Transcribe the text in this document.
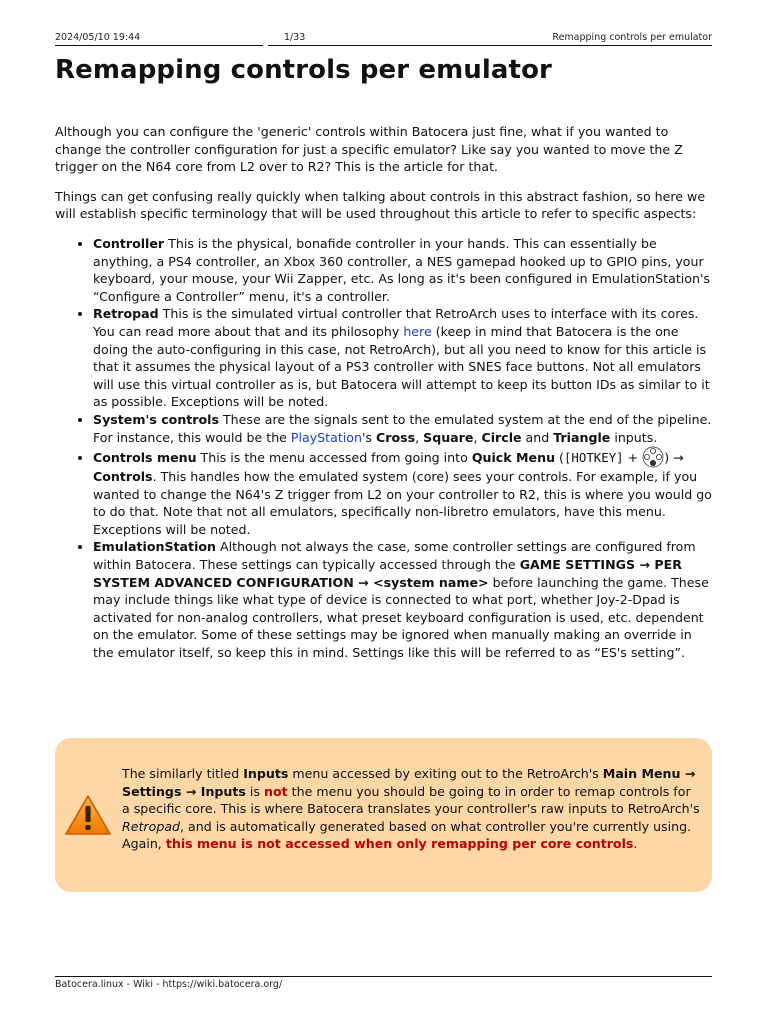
2024/05/10 19:44	1/33	Remapping controls per emulator
Remapping controls per emulator

Although you can configure the 'generic' controls within Batocera just fine, what if you wanted to change the controller configuration for just a specific emulator? Like say you wanted to move the Z trigger on the N64 core from L2 over to R2? This is the article for that.

Things can get confusing really quickly when talking about controls in this abstract fashion, so here we will establish specific terminology that will be used throughout this article to refer to specific aspects:

• Controller This is the physical, bonafide controller in your hands. This can essentially be anything, a PS4 controller, an Xbox 360 controller, a NES gamepad hooked up to GPIO pins, your keyboard, your mouse, your Wii Zapper, etc. As long as it's been configured in EmulationStation's “Configure a Controller” menu, it's a controller.
• Retropad This is the simulated virtual controller that RetroArch uses to interface with its cores. You can read more about that and its philosophy here (keep in mind that Batocera is the one doing the auto-configuring in this case, not RetroArch), but all you need to know for this article is that it assumes the physical layout of a PS3 controller with SNES face buttons. Not all emulators will use this virtual controller as is, but Batocera will attempt to keep its button IDs as similar to it as possible. Exceptions will be noted.
• System's controls These are the signals sent to the emulated system at the end of the pipeline. For instance, this would be the PlayStation's Cross, Square, Circle and Triangle inputs.
• Controls menu This is the menu accessed from going into Quick Menu ([HOTKEY] + ) → Controls. This handles how the emulated system (core) sees your controls. For example, if you wanted to change the N64's Z trigger from L2 on your controller to R2, this is where you would go to do that. Note that not all emulators, specifically non-libretro emulators, have this menu. Exceptions will be noted.
• EmulationStation Although not always the case, some controller settings are configured from within Batocera. These settings can typically accessed through the GAME SETTINGS → PER SYSTEM ADVANCED CONFIGURATION → <system name> before launching the game. These may include things like what type of device is connected to what port, whether Joy-2-Dpad is activated for non-analog controllers, what preset keyboard configuration is used, etc. dependent on the emulator. Some of these settings may be ignored when manually making an override in the emulator itself, so keep this in mind. Settings like this will be referred to as “ES's setting”.
The similarly titled Inputs menu accessed by exiting out to the RetroArch's Main Menu → Settings → Inputs is not the menu you should be going to in order to remap controls for a specific core. This is where Batocera translates your controller's raw inputs to RetroArch's Retropad, and is automatically generated based on what controller you're currently using. Again, this menu is not accessed when only remapping per core controls.
Batocera.linux - Wiki - https://wiki.batocera.org/
